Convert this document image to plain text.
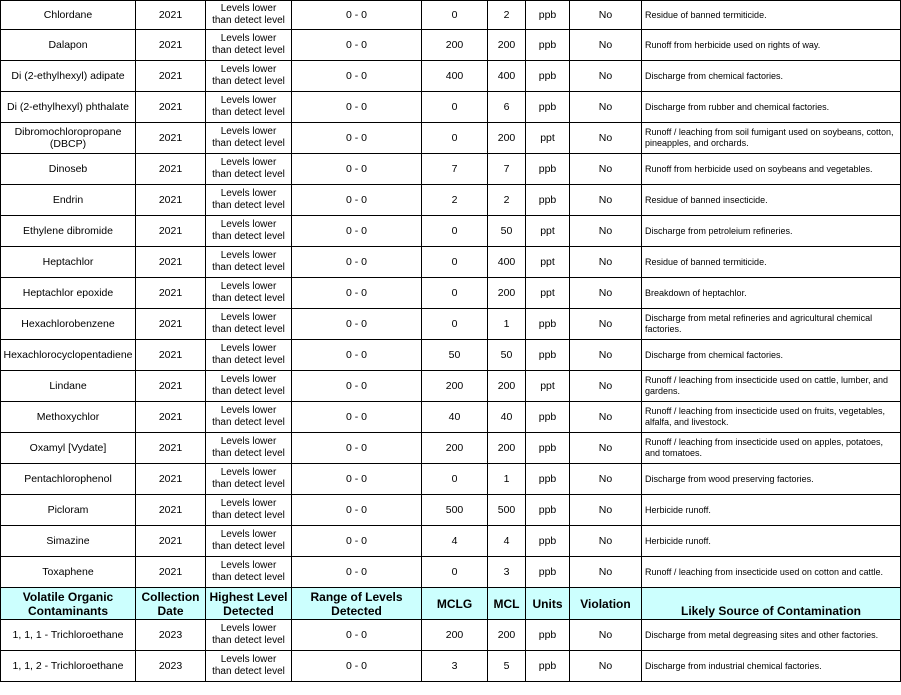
Chlordane	2021	Levels lower
than detect level	0 - 0	0	2	ppb	No	Residue of banned termiticide.
Dalapon	2021	Levels lower
than detect level	0 - 0	200	200	ppb	No	Runoff from herbicide used on rights of way.
Di (2-ethylhexyl) adipate	2021	Levels lower
than detect level	0 - 0	400	400	ppb	No	Discharge from chemical factories.
Di (2-ethylhexyl) phthalate	2021	Levels lower
than detect level	0 - 0	0	6	ppb	No	Discharge from rubber and chemical factories.
Dibromochloropropane (DBCP)	2021	Levels lower
than detect level	0 - 0	0	200	ppt	No	Runoff / leaching from soil fumigant used on soybeans, cotton, pineapples, and orchards.
Dinoseb	2021	Levels lower
than detect level	0 - 0	7	7	ppb	No	Runoff from herbicide used on soybeans and vegetables.
Endrin	2021	Levels lower
than detect level	0 - 0	2	2	ppb	No	Residue of banned insecticide.
Ethylene dibromide	2021	Levels lower
than detect level	0 - 0	0	50	ppt	No	Discharge from petroleium refineries.
Heptachlor	2021	Levels lower
than detect level	0 - 0	0	400	ppt	No	Residue of banned termiticide.
Heptachlor epoxide	2021	Levels lower
than detect level	0 - 0	0	200	ppt	No	Breakdown of heptachlor.
Hexachlorobenzene	2021	Levels lower
than detect level	0 - 0	0	1	ppb	No	Discharge from metal refineries and agricultural chemical factories.
Hexachlorocyclopentadiene	2021	Levels lower
than detect level	0 - 0	50	50	ppb	No	Discharge from chemical factories.
Lindane	2021	Levels lower
than detect level	0 - 0	200	200	ppt	No	Runoff / leaching from insecticide used on cattle, lumber, and gardens.
Methoxychlor	2021	Levels lower
than detect level	0 - 0	40	40	ppb	No	Runoff / leaching from insecticide used on fruits, vegetables, alfalfa, and livestock.
Oxamyl [Vydate]	2021	Levels lower
than detect level	0 - 0	200	200	ppb	No	Runoff / leaching from insecticide used on apples, potatoes, and tomatoes.
Pentachlorophenol	2021	Levels lower
than detect level	0 - 0	0	1	ppb	No	Discharge from wood preserving factories.
Picloram	2021	Levels lower
than detect level	0 - 0	500	500	ppb	No	Herbicide runoff.
Simazine	2021	Levels lower
than detect level	0 - 0	4	4	ppb	No	Herbicide runoff.
Toxaphene	2021	Levels lower
than detect level	0 - 0	0	3	ppb	No	Runoff / leaching from insecticide used on cotton and cattle.
Volatile Organic Contaminants	Collection Date	Highest Level Detected	Range of Levels Detected	MCLG	MCL	Units	Violation	Likely Source of Contamination
1, 1, 1 - Trichloroethane	2023	Levels lower
than detect level	0 - 0	200	200	ppb	No	Discharge from metal degreasing sites and other factories.
1, 1, 2 - Trichloroethane	2023	Levels lower
than detect level	0 - 0	3	5	ppb	No	Discharge from industrial chemical factories.
